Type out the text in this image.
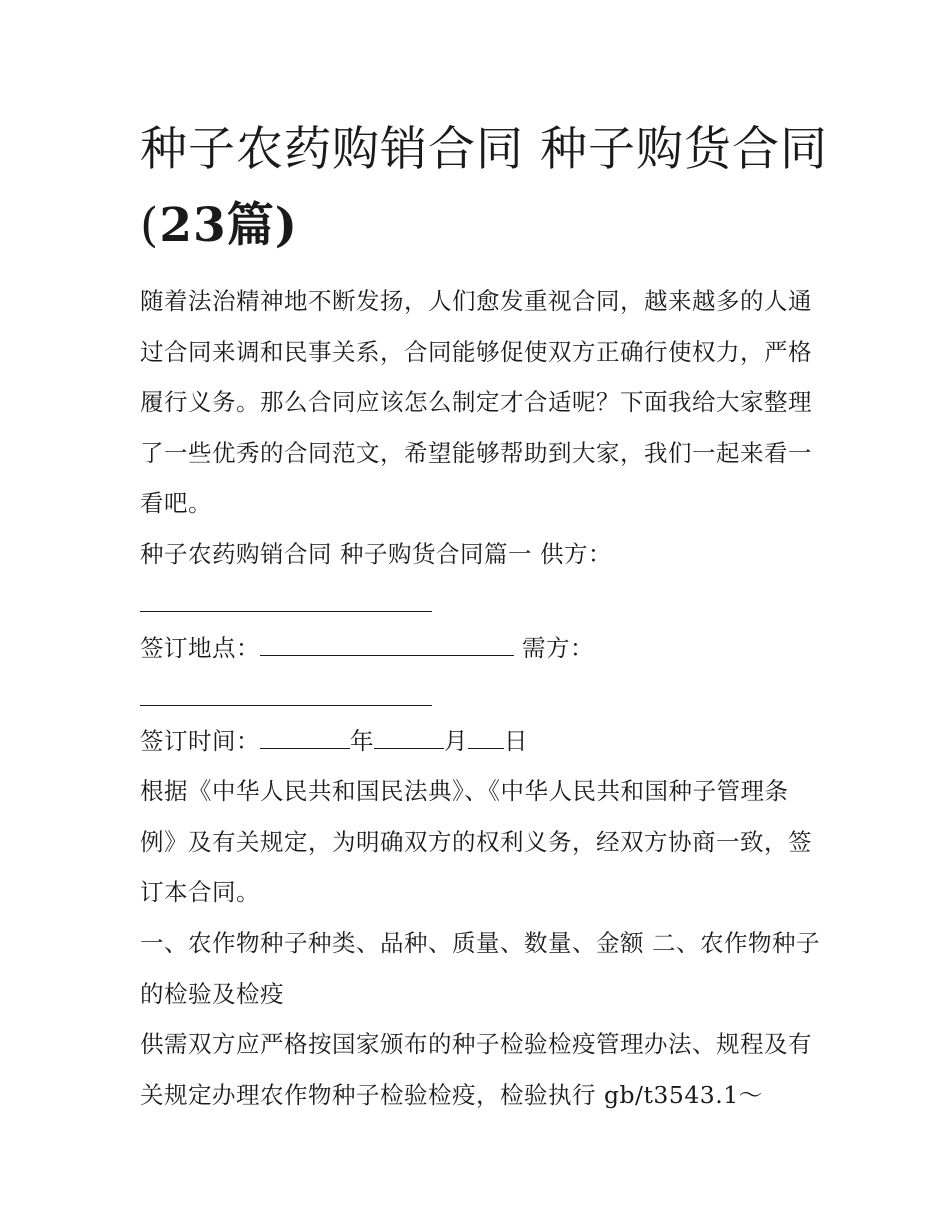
种子农药购销合同 种子购货合同(23篇)

随着法治精神地不断发扬，人们愈发重视合同，越来越多的人通过合同来调和民事关系，合同能够促使双方正确行使权力，严格履行义务。那么合同应该怎么制定才合适呢？下面我给大家整理了一些优秀的合同范文，希望能够帮助到大家，我们一起来看一看吧。

种子农药购销合同 种子购货合同篇一 供方：
签订地点：	需方：
签订时间：	年	月 日

根据《中华人民共和国民法典》、《中华人民共和国种子管理条例》及有关规定，为明确双方的权利义务，经双方协商一致，签订本合同。

一、农作物种子种类、品种、质量、数量、金额 二、农作物种子的检验及检疫

供需双方应严格按国家颁布的种子检验检疫管理办法、规程及有关规定办理农作物种子检验检疫，检验执行 gb/t3543.1～
